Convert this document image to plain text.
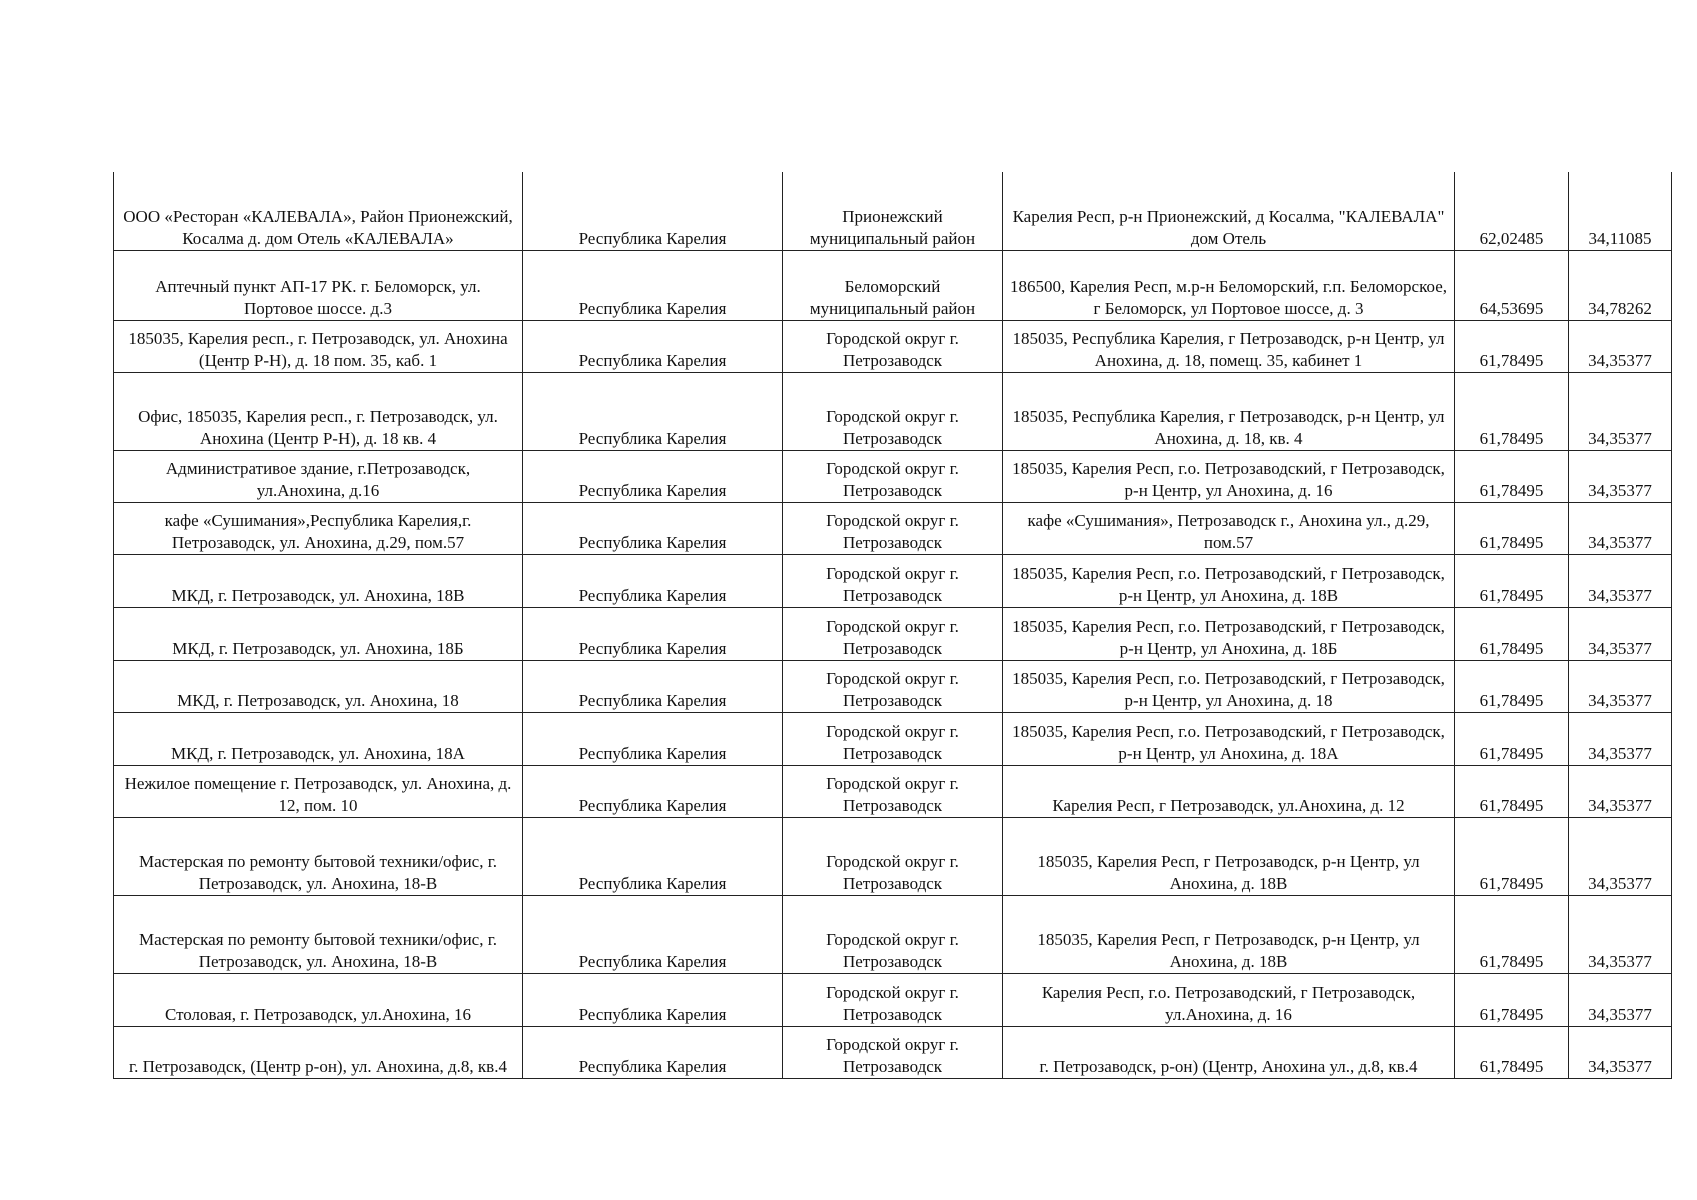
ООО «Ресторан «КАЛЕВАЛА», Район Прионежский, Косалма д. дом Отель «КАЛЕВАЛА»	Республика Карелия	Прионежский муниципальный район	Карелия Респ, р-н Прионежский, д Косалма, "КАЛЕВАЛА" дом Отель	62,02485	34,11085
Аптечный пункт АП-17 РК. г. Беломорск, ул. Портовое шоссе. д.3	Республика Карелия	Беломорский муниципальный район	186500, Карелия Респ, м.р-н Беломорский, г.п. Беломорское, г Беломорск, ул Портовое шоссе, д. 3	64,53695	34,78262
185035, Карелия респ., г. Петрозаводск, ул. Анохина (Центр Р-Н), д. 18 пом. 35, каб. 1	Республика Карелия	Городской округ г. Петрозаводск	185035, Республика Карелия, г Петрозаводск, р-н Центр, ул Анохина, д. 18, помещ. 35, кабинет 1	61,78495	34,35377
Офис, 185035, Карелия респ., г. Петрозаводск, ул. Анохина (Центр Р-Н), д. 18 кв. 4	Республика Карелия	Городской округ г. Петрозаводск	185035, Республика Карелия, г Петрозаводск, р-н Центр, ул Анохина, д. 18, кв. 4	61,78495	34,35377
Административое здание, г.Петрозаводск, ул.Анохина, д.16	Республика Карелия	Городской округ г. Петрозаводск	185035, Карелия Респ, г.о. Петрозаводский, г Петрозаводск, р-н Центр, ул Анохина, д. 16	61,78495	34,35377
кафе «Сушимания»,Республика Карелия,г. Петрозаводск, ул. Анохина, д.29, пом.57	Республика Карелия	Городской округ г. Петрозаводск	кафе «Сушимания», Петрозаводск г., Анохина ул., д.29, пом.57	61,78495	34,35377
МКД, г. Петрозаводск, ул. Анохина, 18В	Республика Карелия	Городской округ г. Петрозаводск	185035, Карелия Респ, г.о. Петрозаводский, г Петрозаводск, р-н Центр, ул Анохина, д. 18В	61,78495	34,35377
МКД, г. Петрозаводск, ул. Анохина, 18Б	Республика Карелия	Городской округ г. Петрозаводск	185035, Карелия Респ, г.о. Петрозаводский, г Петрозаводск, р-н Центр, ул Анохина, д. 18Б	61,78495	34,35377
МКД, г. Петрозаводск, ул. Анохина, 18	Республика Карелия	Городской округ г. Петрозаводск	185035, Карелия Респ, г.о. Петрозаводский, г Петрозаводск, р-н Центр, ул Анохина, д. 18	61,78495	34,35377
МКД, г. Петрозаводск, ул. Анохина, 18А	Республика Карелия	Городской округ г. Петрозаводск	185035, Карелия Респ, г.о. Петрозаводский, г Петрозаводск, р-н Центр, ул Анохина, д. 18А	61,78495	34,35377
Нежилое помещение г. Петрозаводск, ул. Анохина, д. 12, пом. 10	Республика Карелия	Городской округ г. Петрозаводск	Карелия Респ, г Петрозаводск, ул.Анохина, д. 12	61,78495	34,35377
Мастерская по ремонту бытовой техники/офис, г. Петрозаводск, ул. Анохина, 18-В	Республика Карелия	Городской округ г. Петрозаводск	185035, Карелия Респ, г Петрозаводск, р-н Центр, ул Анохина, д. 18В	61,78495	34,35377
Мастерская по ремонту бытовой техники/офис, г. Петрозаводск, ул. Анохина, 18-В	Республика Карелия	Городской округ г. Петрозаводск	185035, Карелия Респ, г Петрозаводск, р-н Центр, ул Анохина, д. 18В	61,78495	34,35377
Столовая, г. Петрозаводск, ул.Анохина, 16	Республика Карелия	Городской округ г. Петрозаводск	Карелия Респ, г.о. Петрозаводский, г Петрозаводск, ул.Анохина, д. 16	61,78495	34,35377
г. Петрозаводск, (Центр р-он), ул. Анохина, д.8, кв.4	Республика Карелия	Городской округ г. Петрозаводск	г. Петрозаводск, р-он) (Центр, Анохина ул., д.8, кв.4	61,78495	34,35377
